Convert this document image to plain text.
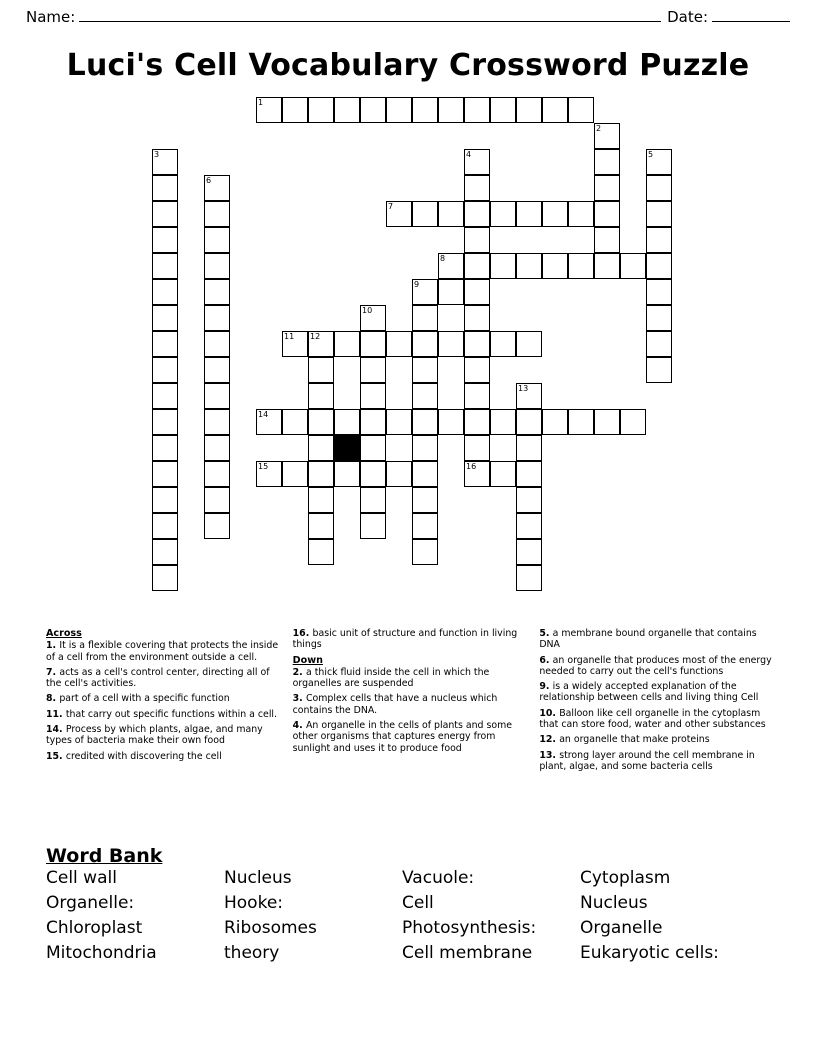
Name:	Date:
Luci's Cell Vocabulary Crossword Puzzle
1
2
3	4	5
6
7
8
9
10
11 12
13
14
15	16
Across

1. It is a flexible covering that protects the inside of a cell from the environment outside a cell.

7. acts as a cell's control center, directing all of the cell's activities.

8. part of a cell with a specific function

11. that carry out specific functions within a cell.

14. Process by which plants, algae, and many types of bacteria make their own food

15. credited with discovering the cell

16. basic unit of structure and function in living things

Down

2. a thick fluid inside the cell in which the organelles are suspended

3. Complex cells that have a nucleus which contains the DNA.

4. An organelle in the cells of plants and some other organisms that captures energy from sunlight and uses it to produce food

5. a membrane bound organelle that contains DNA

6. an organelle that produces most of the energy needed to carry out the cell's functions

9. is a widely accepted explanation of the relationship between cells and living thing Cell

10. Balloon like cell organelle in the cytoplasm that can store food, water and other substances

12. an organelle that make proteins

13. strong layer around the cell membrane in plant, algae, and some bacteria cells

Word Bank
Cell wall	Nucleus	Vacuole:	Cytoplasm
Organelle:	Hooke:	Cell	Nucleus
Chloroplast	Ribosomes	Photosynthesis:	Organelle
Mitochondria	theory	Cell membrane	Eukaryotic cells:
